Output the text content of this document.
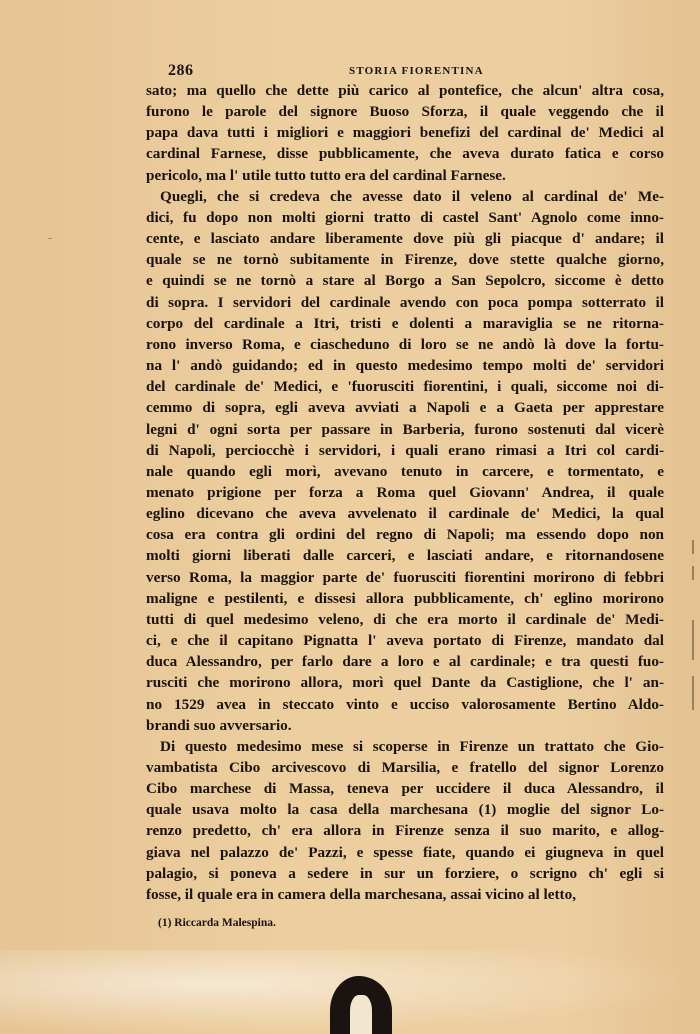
286	STORIA FIORENTINA

sato; ma quello che dette più carico al pontefice, che alcun' altra cosa,
furono le parole del signore Buoso Sforza, il quale veggendo che il
papa dava tutti i migliori e maggiori benefizi del cardinal de' Medici al
cardinal Farnese, disse pubblicamente, che aveva durato fatica e corso
pericolo, ma l' utile tutto tutto era del cardinal Farnese.

Quegli, che si credeva che avesse dato il veleno al cardinal de' Me-
dici, fu dopo non molti giorni tratto di castel Sant' Agnolo come inno-
cente, e lasciato andare liberamente dove più gli piacque d' andare; il
quale se ne tornò subitamente in Firenze, dove stette qualche giorno,
e quindi se ne tornò a stare al Borgo a San Sepolcro, siccome è detto
di sopra. I servidori del cardinale avendo con poca pompa sotterrato il
corpo del cardinale a Itri, tristi e dolenti a maraviglia se ne ritorna-
rono inverso Roma, e ciascheduno di loro se ne andò là dove la fortu-
na l' andò guidando; ed in questo medesimo tempo molti de' servidori
del cardinale de' Medici, e 'fuorusciti fiorentini, i quali, siccome noi di-
cemmo di sopra, egli aveva avviati a Napoli e a Gaeta per apprestare
legni d' ogni sorta per passare in Barberia, furono sostenuti dal vicerè
di Napoli, perciocchè i servidori, i quali erano rimasi a Itri col cardi-
nale quando egli morì, avevano tenuto in carcere, e tormentato, e
menato prigione per forza a Roma quel Giovann' Andrea, il quale
eglino dicevano che aveva avvelenato il cardinale de' Medici, la qual
cosa era contra gli ordini del regno di Napoli; ma essendo dopo non
molti giorni liberati dalle carceri, e lasciati andare, e ritornandosene
verso Roma, la maggior parte de' fuorusciti fiorentini morirono di febbri
maligne e pestilenti, e dissesi allora pubblicamente, ch' eglino morirono
tutti di quel medesimo veleno, di che era morto il cardinale de' Medi-
ci, e che il capitano Pignatta l' aveva portato di Firenze, mandato dal
duca Alessandro, per farlo dare a loro e al cardinale; e tra questi fuo-
rusciti che morirono allora, morì quel Dante da Castiglione, che l' an-
no 1529 avea in steccato vinto e ucciso valorosamente Bertino Aldo-
brandi suo avversario.

Di questo medesimo mese si scoperse in Firenze un trattato che Gio-
vambatista Cibo arcivescovo di Marsilia, e fratello del signor Lorenzo
Cibo marchese di Massa, teneva per uccidere il duca Alessandro, il
quale usava molto la casa della marchesana (1) moglie del signor Lo-
renzo predetto, ch' era allora in Firenze senza il suo marito, e allog-
giava nel palazzo de' Pazzi, e spesse fiate, quando ei giugneva in quel
palagio, si poneva a sedere in sur un forziere, o scrigno ch' egli si
fosse, il quale era in camera della marchesana, assai vicino al letto,

(1) Riccarda Malespina.
